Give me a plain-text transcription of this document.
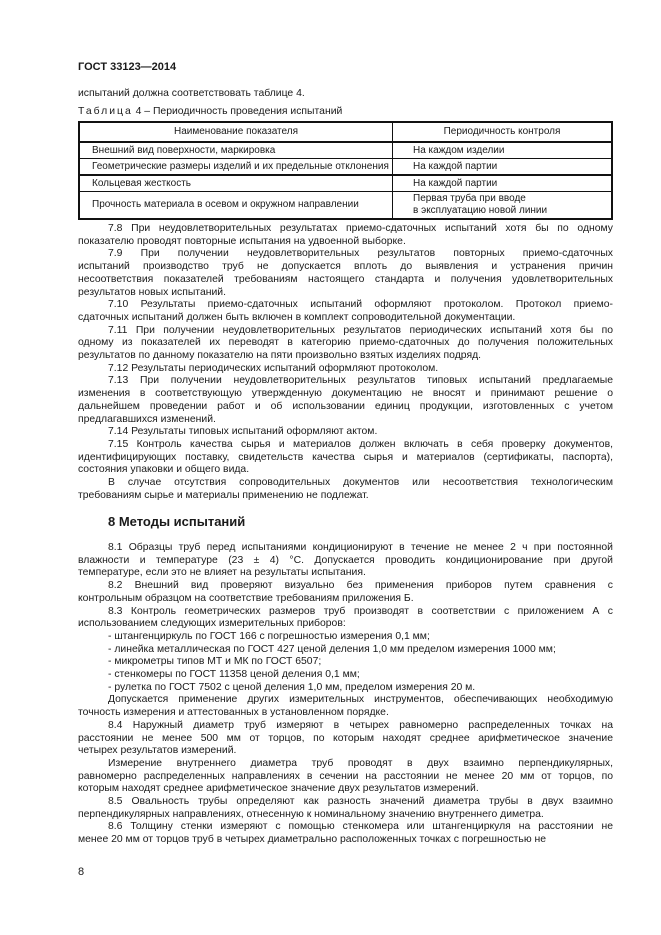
ГОСТ 33123—2014
испытаний должна соответствовать таблице 4.
Таблица 4 – Периодичность проведения испытаний
Наименование показателя	Периодичность контроля
Внешний вид поверхности, маркировка	На каждом изделии
Геометрические размеры изделий и их предельные отклонения	На каждой партии
Кольцевая жесткость	На каждой партии
Прочность материала в осевом и окружном направлении	Первая труба при вводе
в эксплуатацию новой линии
7.8 При неудовлетворительных результатах приемо-сдаточных испытаний хотя бы по одному
показателю проводят повторные испытания на удвоенной выборке.
7.9 При получении неудовлетворительных результатов повторных приемо-сдаточных
испытаний производство труб не допускается вплоть до выявления и устранения причин
несоответствия показателей требованиям настоящего стандарта и получения удовлетворительных
результатов новых испытаний.
7.10 Результаты приемо-сдаточных испытаний оформляют протоколом. Протокол приемо-
сдаточных испытаний должен быть включен в комплект сопроводительной документации.
7.11 При получении неудовлетворительных результатов периодических испытаний хотя бы по
одному из показателей их переводят в категорию приемо-сдаточных до получения положительных
результатов по данному показателю на пяти произвольно взятых изделиях подряд.
7.12 Результаты периодических испытаний оформляют протоколом.
7.13 При получении неудовлетворительных результатов типовых испытаний предлагаемые
изменения в соответствующую утвержденную документацию не вносят и принимают решение о
дальнейшем проведении работ и об использовании единиц продукции, изготовленных с учетом
предлагавшихся изменений.
7.14 Результаты типовых испытаний оформляют актом.
7.15 Контроль качества сырья и материалов должен включать в себя проверку документов,
идентифицирующих поставку, свидетельств качества сырья и материалов (сертификаты, паспорта),
состояния упаковки и общего вида.
В случае отсутствия сопроводительных документов или несоответствия технологическим
требованиям сырье и материалы применению не подлежат.
8 Методы испытаний
8.1 Образцы труб перед испытаниями кондиционируют в течение не менее 2 ч при постоянной
влажности и температуре (23 ± 4) °С. Допускается проводить кондиционирование при другой
температуре, если это не влияет на результаты испытания.
8.2 Внешний вид проверяют визуально без применения приборов путем сравнения с
контрольным образцом на соответствие требованиям приложения Б.
8.3 Контроль геометрических размеров труб производят в соответствии с приложением А с
использованием следующих измерительных приборов:
- штангенциркуль по ГОСТ 166 с погрешностью измерения 0,1 мм;
- линейка металлическая по ГОСТ 427 ценой деления 1,0 мм пределом измерения 1000 мм;
- микрометры типов МТ и МК по ГОСТ 6507;
- стенкомеры по ГОСТ 11358 ценой деления 0,1 мм;
- рулетка по ГОСТ 7502 с ценой деления 1,0 мм, пределом измерения 20 м.
Допускается применение других измерительных инструментов, обеспечивающих необходимую
точность измерения и аттестованных в установленном порядке.
8.4 Наружный диаметр труб измеряют в четырех равномерно распределенных точках на
расстоянии не менее 500 мм от торцов, по которым находят среднее арифметическое значение
четырех результатов измерений.
Измерение внутреннего диаметра труб проводят в двух взаимно перпендикулярных,
равномерно распределенных направлениях в сечении на расстоянии не менее 20 мм от торцов, по
которым находят среднее арифметическое значение двух результатов измерений.
8.5 Овальность трубы определяют как разность значений диаметра трубы в двух взаимно
перпендикулярных направлениях, отнесенную к номинальному значению внутреннего диметра.
8.6 Толщину стенки измеряют с помощью стенкомера или штангенциркуля на расстоянии не
менее 20 мм от торцов труб в четырех диаметрально расположенных точках с погрешностью не
8
